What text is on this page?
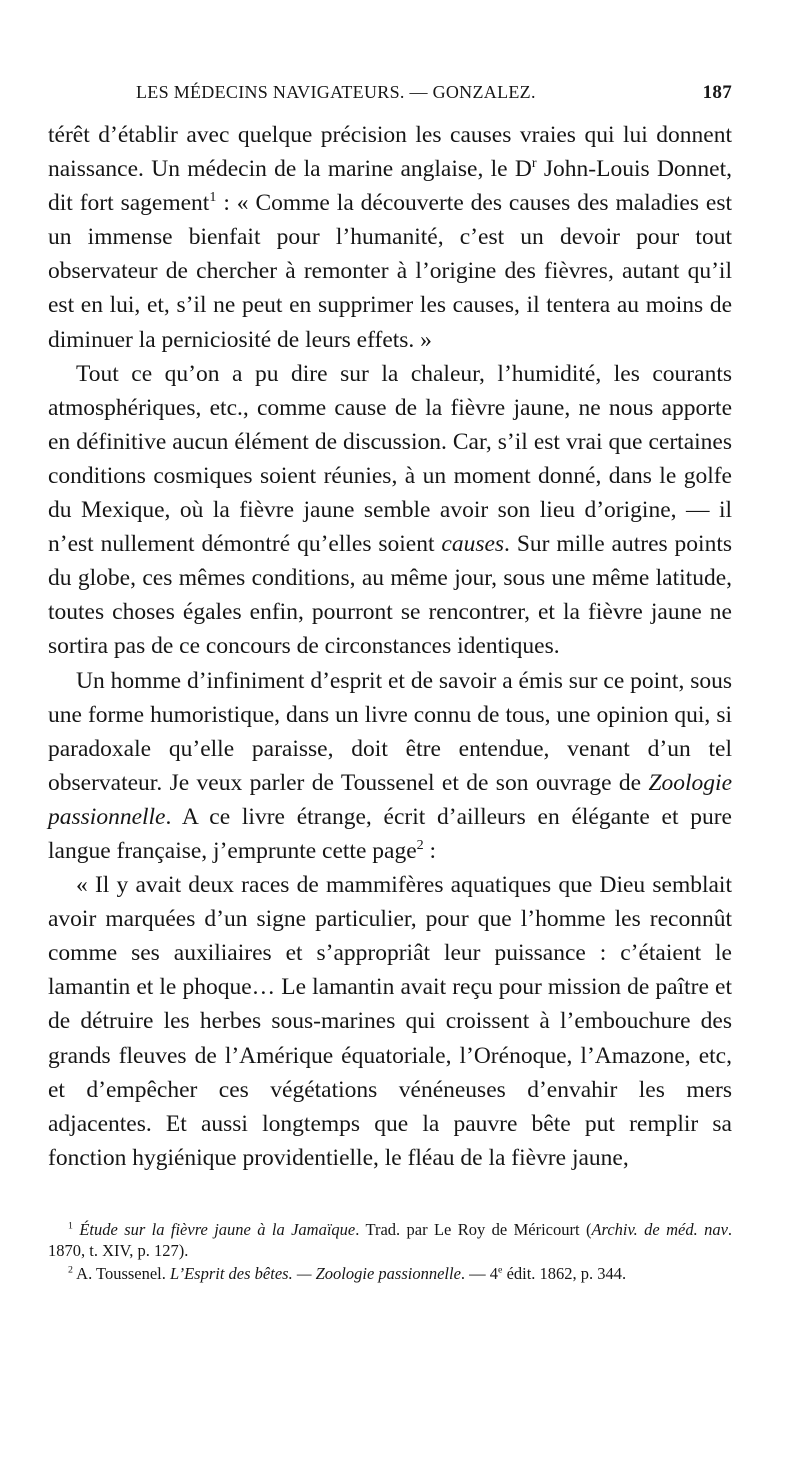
LES MÉDECINS NAVIGATEURS. — GONZALEZ.	187

térêt d’établir avec quelque précision les causes vraies qui lui donnent naissance. Un médecin de la marine anglaise, le $D^r$ John-Louis Donnet, dit fort sagement$^1$ : « Comme la découverte des causes des maladies est un immense bienfait pour l’humanité, c’est un devoir pour tout observateur de chercher à remonter à l’origine des fièvres, autant qu’il est en lui, et, s’il ne peut en supprimer les causes, il tentera au moins de diminuer la perniciosité de leurs effets. »

Tout ce qu’on a pu dire sur la chaleur, l’humidité, les courants atmosphériques, etc., comme cause de la fièvre jaune, ne nous apporte en définitive aucun élément de discussion. Car, s’il est vrai que certaines conditions cosmiques soient réunies, à un moment donné, dans le golfe du Mexique, où la fièvre jaune semble avoir son lieu d’origine, — il n’est nullement démontré qu’elles soient causes. Sur mille autres points du globe, ces mêmes conditions, au même jour, sous une même latitude, toutes choses égales enfin, pourront se rencontrer, et la fièvre jaune ne sortira pas de ce concours de circonstances identiques.

Un homme d’infiniment d’esprit et de savoir a émis sur ce point, sous une forme humoristique, dans un livre connu de tous, une opinion qui, si paradoxale qu’elle paraisse, doit être entendue, venant d’un tel observateur. Je veux parler de Toussenel et de son ouvrage de Zoologie passionnelle. A ce livre étrange, écrit d’ailleurs en élégante et pure langue française, j’emprunte cette page$^2$ :

« Il y avait deux races de mammifères aquatiques que Dieu semblait avoir marquées d’un signe particulier, pour que l’homme les reconnût comme ses auxiliaires et s’appropriât leur puissance : c’étaient le lamantin et le phoque… Le lamantin avait reçu pour mission de paître et de détruire les herbes sous-marines qui croissent à l’embouchure des grands fleuves de l’Amérique équatoriale, l’Orénoque, l’Amazone, etc, et d’empêcher ces végétations vénéneuses d’envahir les mers adjacentes. Et aussi longtemps que la pauvre bête put remplir sa fonction hygiénique providentielle, le fléau de la fièvre jaune,

$^1$ Étude sur la fièvre jaune à la Jamaïque. Trad. par Le Roy de Méricourt (Archiv. de méd. nav. 1870, t. XIV, p. 127).

$^2$ A. Toussenel. L’Esprit des bêtes. — Zoologie passionnelle. — 4e édit. 1862, p. 344.
